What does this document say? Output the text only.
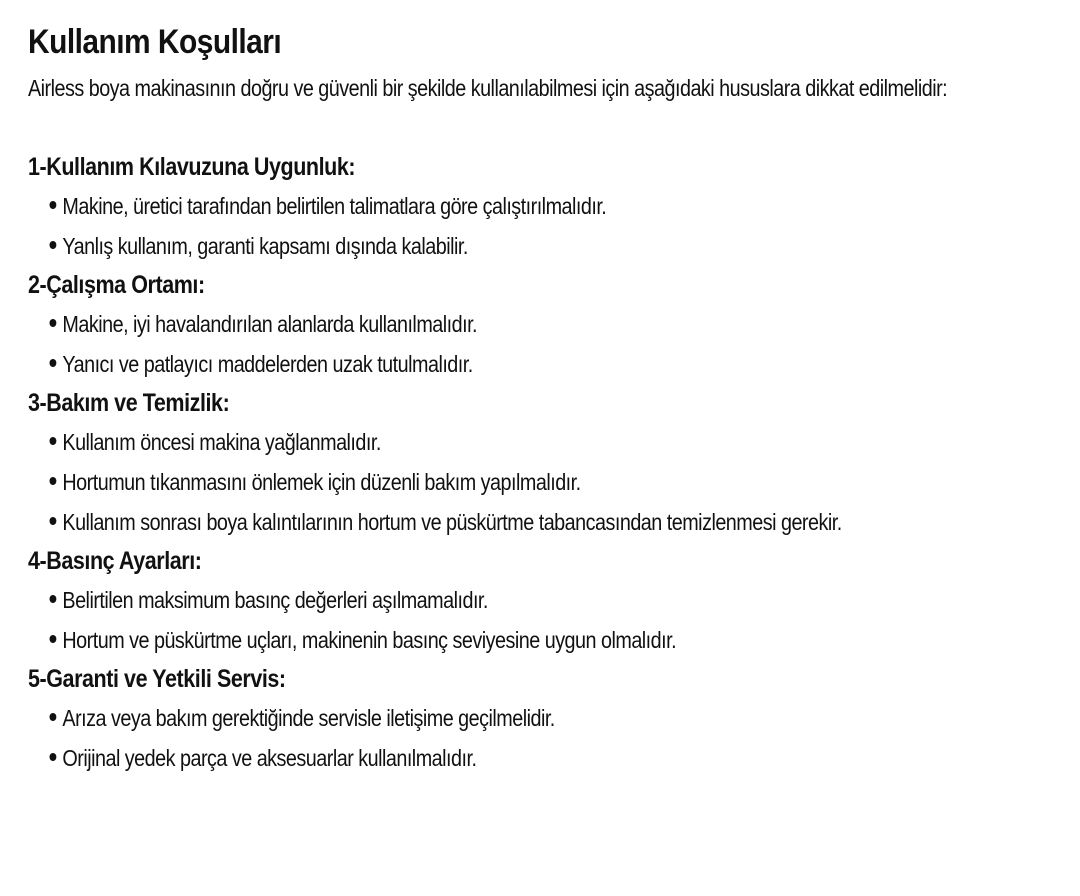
Kullanım Koşulları

Airless boya makinasının doğru ve güvenli bir şekilde kullanılabilmesi için aşağıdaki hususlara dikkat edilmelidir:

1-Kullanım Kılavuzuna Uygunluk:
Makine, üretici tarafından belirtilen talimatlara göre çalıştırılmalıdır.
Yanlış kullanım, garanti kapsamı dışında kalabilir.
2-Çalışma Ortamı:
Makine, iyi havalandırılan alanlarda kullanılmalıdır.
Yanıcı ve patlayıcı maddelerden uzak tutulmalıdır.
3-Bakım ve Temizlik:
Kullanım öncesi makina yağlanmalıdır.
Hortumun tıkanmasını önlemek için düzenli bakım yapılmalıdır.
Kullanım sonrası boya kalıntılarının hortum ve püskürtme tabancasından temizlenmesi gerekir.
4-Basınç Ayarları:
Belirtilen maksimum basınç değerleri aşılmamalıdır.
Hortum ve püskürtme uçları, makinenin basınç seviyesine uygun olmalıdır.
5-Garanti ve Yetkili Servis:
Arıza veya bakım gerektiğinde servisle iletişime geçilmelidir.
Orijinal yedek parça ve aksesuarlar kullanılmalıdır.
